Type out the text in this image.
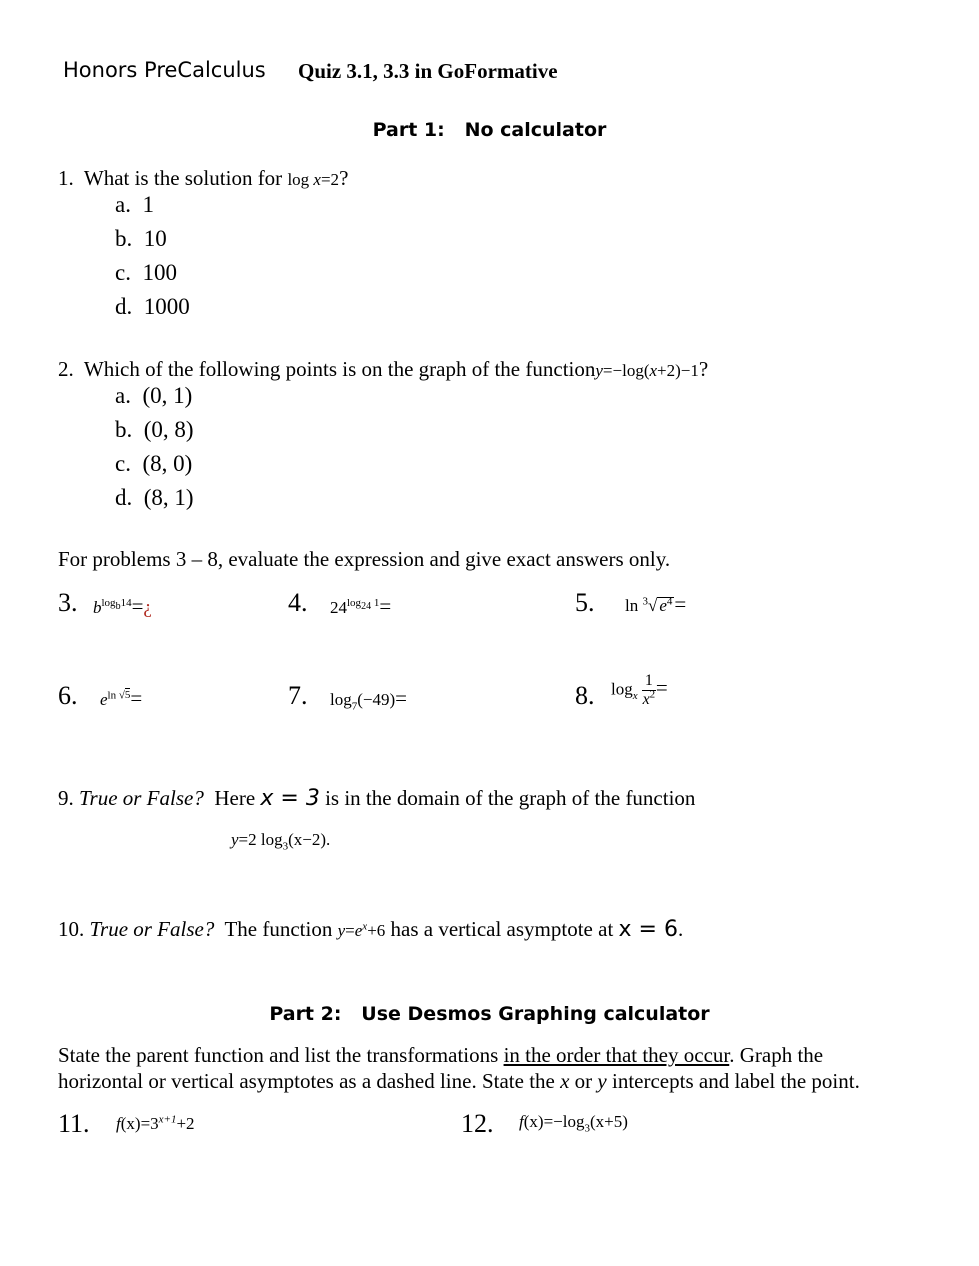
Honors PreCalculus Quiz 3.1, 3.3 in GoFormative
Part 1:   No calculator
1. What is the solution for log x=2?
a. 1
b. 10
c. 100
d. 1000
2. Which of the following points is on the graph of the functiony=−log(x+2)−1?
a. (0, 1)
b. (0, 8)
c. (8, 0)
d. (8, 1)
For problems 3 – 8, evaluate the expression and give exact answers only.
3. $b^{log_b14}=¿$	4. $24^{log_{24} 1}=$	5. ln $^3$√ $e^4=$
6. $e^{ln √5}=$	7. $\log_7(-49)=$	8. $\log_x \frac{1}{x^2}$ =
9. True or False? Here x = 3 is in the domain of the graph of the function
y=2 $\log_3(x-2)$.
10. True or False? The function $y=e^x+6$ has a vertical asymptote at x = 6.
Part 2:   Use Desmos Graphing calculator
State the parent function and list the transformations in the order that they occur. Graph the
horizontal or vertical asymptotes as a dashed line. State the x or y intercepts and label the point.
11. $f(x)=3^{x+1}+2$	12. $f(x)=-\log_3(x+5)$
